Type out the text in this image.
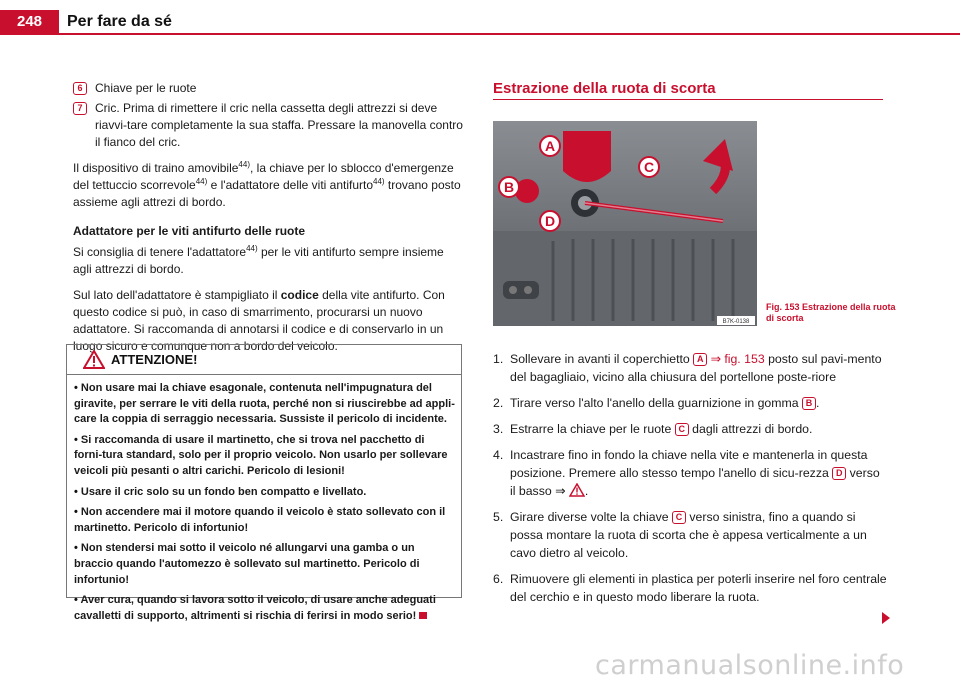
248	Per fare da sé
6	Chiave per le ruote
7	Cric. Prima di rimettere il cric nella cassetta degli attrezzi si deve riavvi-tare completamente la sua staffa. Pressare la manovella contro il fianco del cric.

Il dispositivo di traino amovibile$^{44)}$, la chiave per lo sblocco d'emergenze del tettuccio scorrevole$^{44)}$ e l'adattatore delle viti antifurto$^{44)}$ trovano posto assieme agli attrezi di bordo.

Adattatore per le viti antifurto delle ruote

Si consiglia di tenere l'adattatore$^{44)}$ per le viti antifurto sempre insieme agli attrezzi di bordo.

Sul lato dell'adattatore è stampigliato il codice della vite antifurto. Con questo codice si può, in caso di smarrimento, procurarsi un nuovo adattatore. Si raccomanda di annotarsi il codice e di conservarlo in un luogo sicuro e comunque non a bordo del veicolo.

ATTENZIONE!
• Non usare mai la chiave esagonale, contenuta nell'impugnatura del giravite, per serrare le viti della ruota, perché non si riuscirebbe ad appli-care la coppia di serraggio necessaria. Sussiste il pericolo di incidente.
• Si raccomanda di usare il martinetto, che si trova nel pacchetto di forni-tura standard, solo per il proprio veicolo. Non usarlo per sollevare veicoli più pesanti o altri carichi. Pericolo di lesioni!
• Usare il cric solo su un fondo ben compatto e livellato.
• Non accendere mai il motore quando il veicolo è stato sollevato con il martinetto. Pericolo di infortunio!
• Non stendersi mai sotto il veicolo né allungarvi una gamba o un braccio quando l'automezzo è sollevato sul martinetto. Pericolo di infortunio!
• Aver cura, quando si lavora sotto il veicolo, di usare anche adeguati cavalletti di supporto, altrimenti si rischia di ferirsi in modo serio!
Estrazione della ruota di scorta
A
B
C
D
B7K-0138
Fig. 153 Estrazione della ruota di scorta
1. Sollevare in avanti il coperchietto A ⇒ fig. 153 posto sul pavi-mento del bagagliaio, vicino alla chiusura del portellone poste-riore
2. Tirare verso l'alto l'anello della guarnizione in gomma B .
3. Estrarre la chiave per le ruote C dagli attrezzi di bordo.
4. Incastrare fino in fondo la chiave nella vite e mantenerla in questa posizione. Premere allo stesso tempo l'anello di sicu-rezza D verso il basso ⇒ .
5. Girare diverse volte la chiave C verso sinistra, fino a quando si possa montare la ruota di scorta che è appesa verticalmente a un cavo dietro al veicolo.
6. Rimuovere gli elementi in plastica per poterli inserire nel foro centrale del cerchio e in questo modo liberare la ruota.
carmanualsonline.info
